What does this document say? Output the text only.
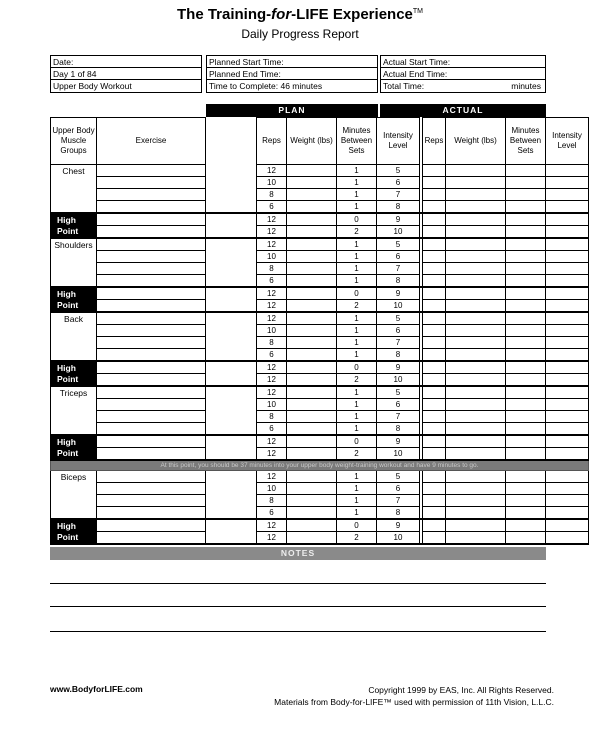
The Training-for-LIFE Experience™
Daily Progress Report
Date:
Day 1 of 84
Upper Body Workout
Planned Start Time:
Planned End Time:
Time to Complete: 46 minutes
Actual Start Time:
Actual End Time:
Total Time:	minutes
PLAN	ACTUAL
Upper Body Muscle Groups	Exercise		Reps	Weight (lbs)	Minutes Between Sets	Intensity Level		Reps	Weight (lbs)	Minutes Between Sets	Intensity Level
Chest			12		1	5					
			10		1	6					
			8		1	7					
			6		1	8					
High Point			12		0	9					
			12		2	10					
Shoulders			12		1	5					
			10		1	6					
			8		1	7					
			6		1	8					
High Point			12		0	9					
			12		2	10					
Back			12		1	5					
			10		1	6					
			8		1	7					
			6		1	8					
High Point			12		0	9					
			12		2	10					
Triceps			12		1	5					
			10		1	6					
			8		1	7					
			6		1	8					
High Point			12		0	9					
			12		2	10					
At this point, you should be 37 minutes into your upper body weight-training workout and have 9 minutes to go.											
Biceps			12		1	5					
			10		1	6					
			8		1	7					
			6		1	8					
High Point			12		0	9					
			12		2	10					
NOTES
www.BodyforLIFE.com	Copyright 1999 by EAS, Inc. All Rights Reserved.
Materials from Body-for-LIFE™ used with permission of 11th Vision, L.L.C.
